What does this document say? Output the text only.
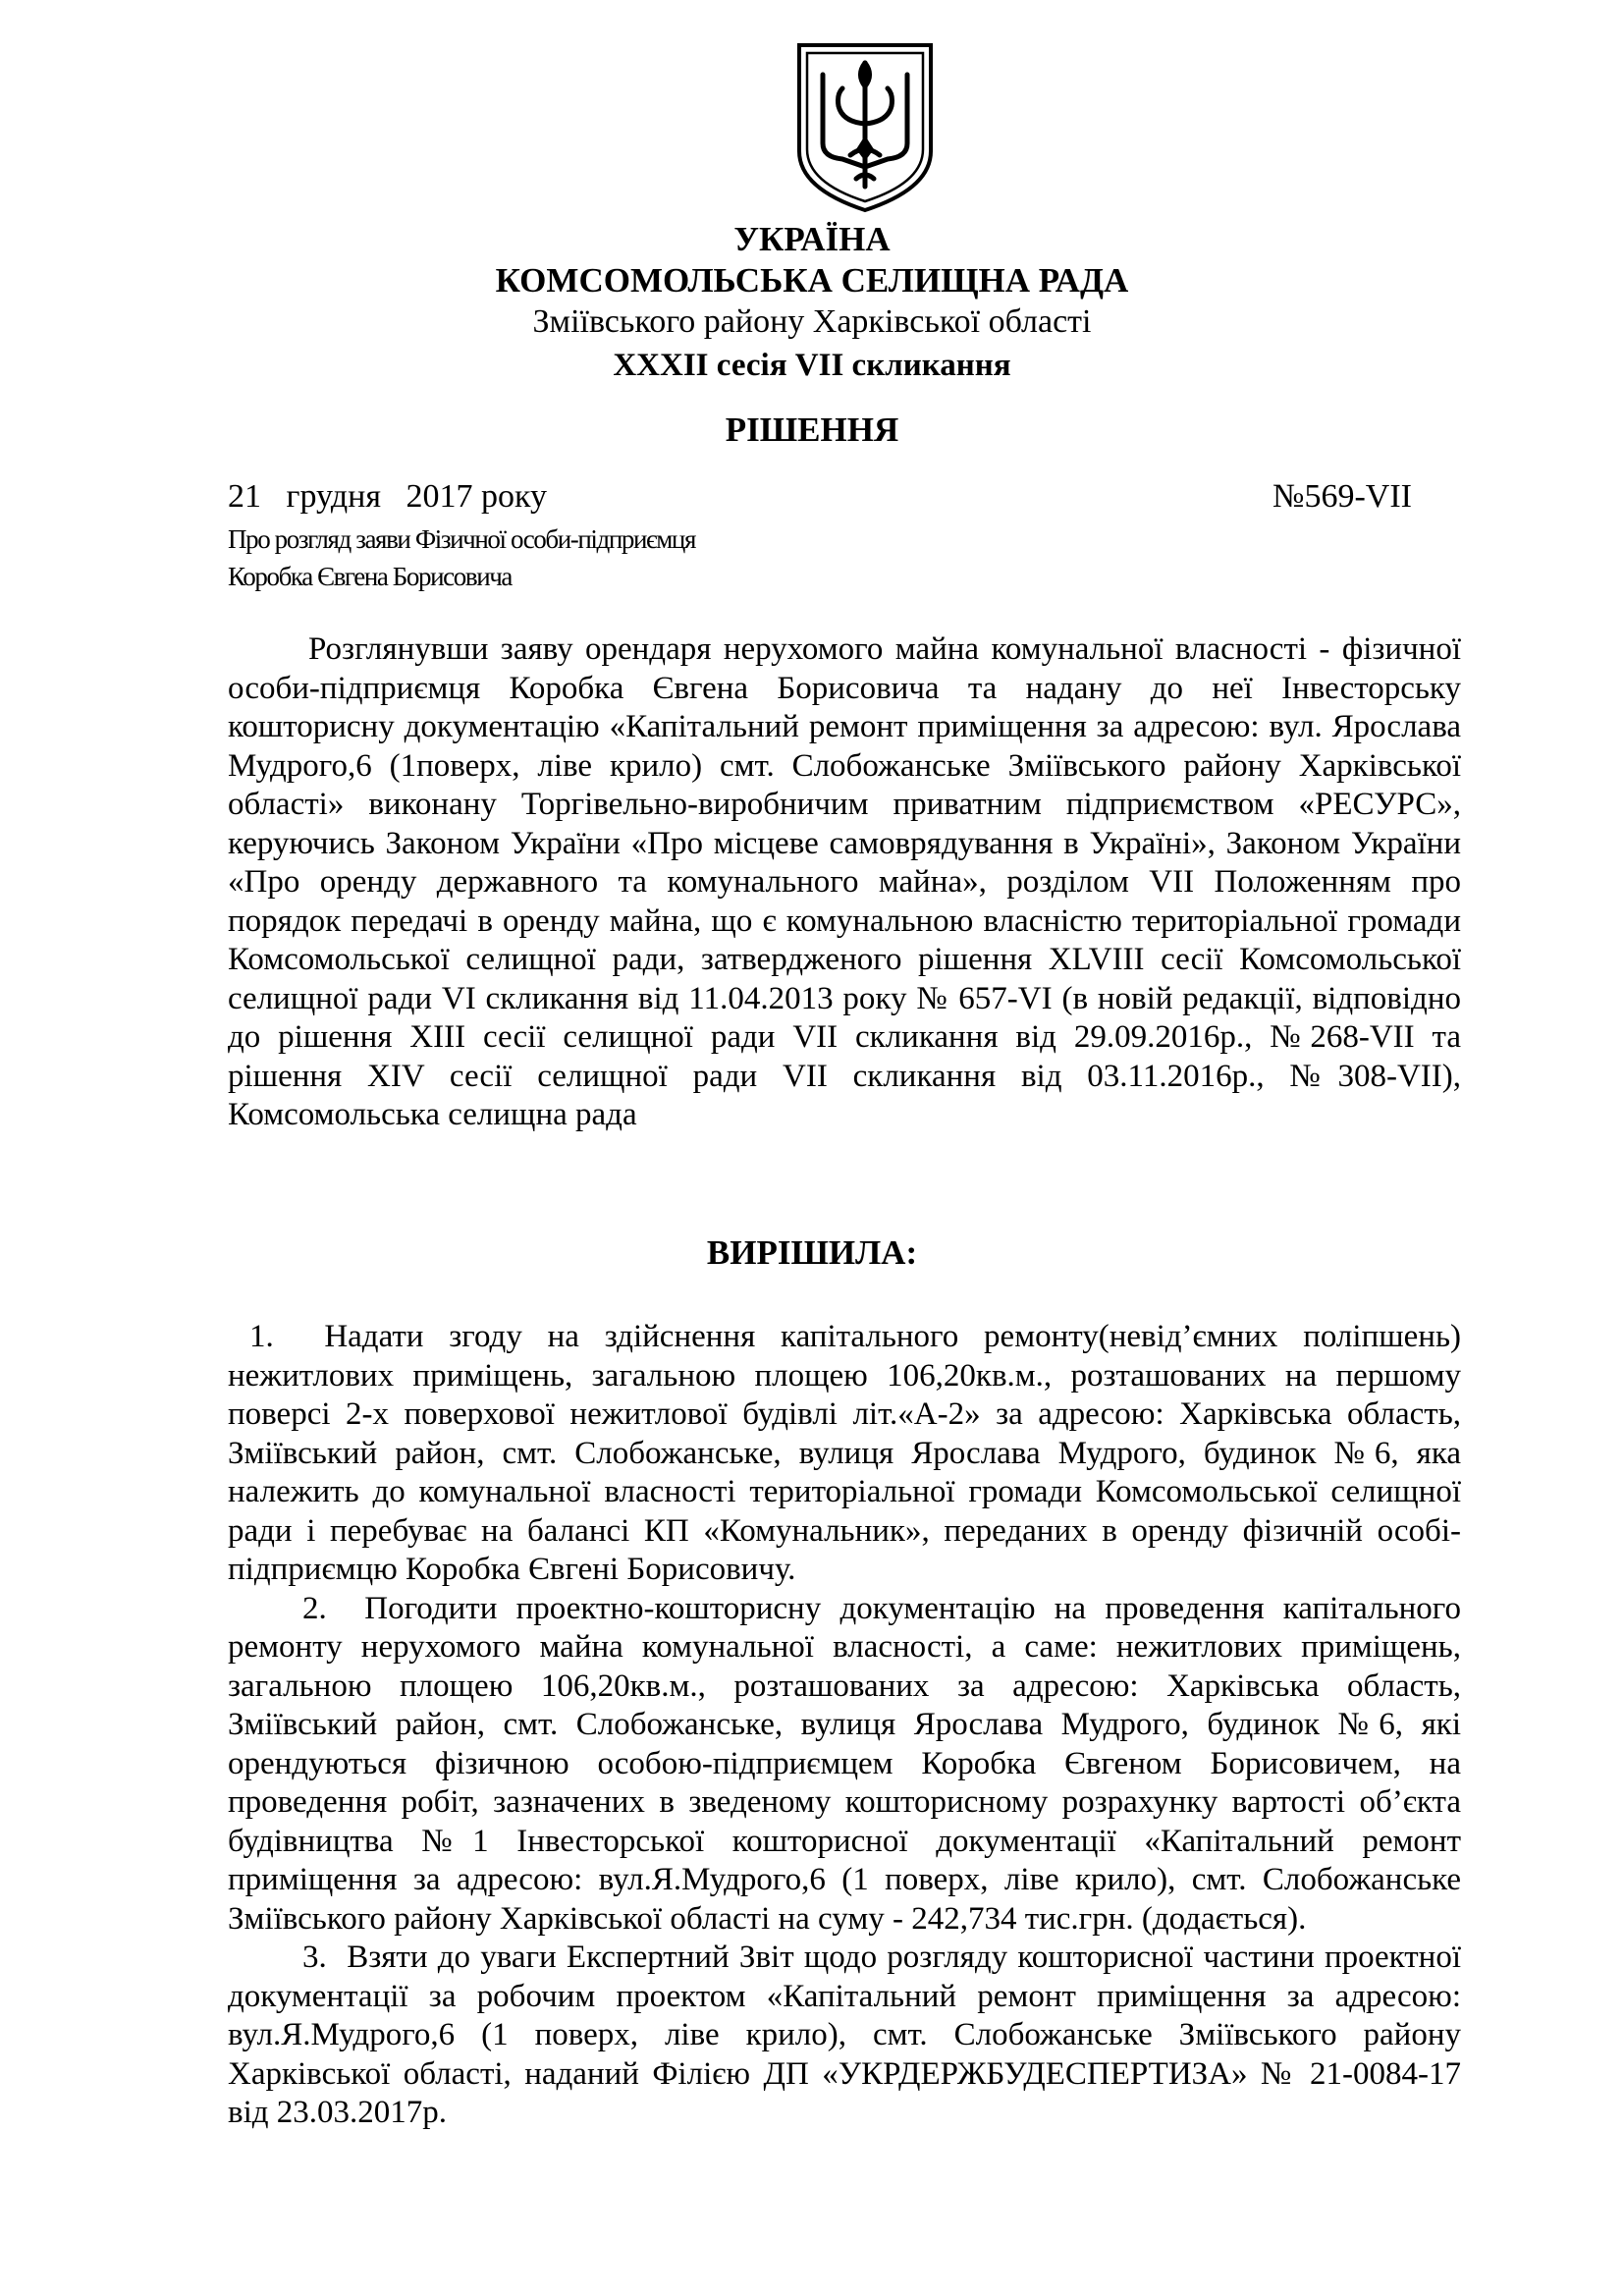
УКРАЇНА
КОМСОМОЛЬСЬКА СЕЛИЩНА РАДА
Зміївського району Харківської області
XXXII сесія VII скликання
РІШЕННЯ
21   грудня   2017 року	№569-VII
Про розгляд заяви Фізичної особи-підприємця
Коробка Євгена Борисовича

Розглянувши заяву орендаря нерухомого майна комунальної власності - фізичної особи-підприємця Коробка Євгена Борисовича та надану до неї Інвесторську кошторисну документацію «Капітальний ремонт приміщення за адресою: вул. Ярослава Мудрого,6 (1поверх, ліве крило) смт. Слобожанське Зміївського району Харківської області» виконану Торгівельно-виробничим приватним підприємством «РЕСУРС», керуючись Законом України «Про місцеве самоврядування в Україні», Законом України «Про оренду державного та комунального майна», розділом VII Положенням про порядок передачі в оренду майна, що є комунальною власністю територіальної громади Комсомольської селищної ради, затвердженого рішення XLVIII сесії Комсомольської селищної ради VI скликання від 11.04.2013 року № 657-VI (в новій редакції, відповідно до рішення XIII сесії селищної ради VII скликання від 29.09.2016р., №268-VII та рішення XIV сесії селищної ради VII скликання від 03.11.2016р., №308-VII), Комсомольська селищна рада

ВИРІШИЛА:

1. Надати згоду на здійснення капітального ремонту(невід’ємних поліпшень) нежитлових приміщень, загальною площею 106,20кв.м., розташованих на першому поверсі 2-х поверхової нежитлової будівлі літ.«А-2» за адресою: Харківська область, Зміївський район, смт. Слобожанське, вулиця Ярослава Мудрого, будинок №6, яка належить до комунальної власності територіальної громади Комсомольської селищної ради і перебуває на балансі КП «Комунальник», переданих в оренду фізичній особі-підприємцю Коробка Євгені Борисовичу.

2. Погодити проектно-кошторисну документацію на проведення капітального ремонту нерухомого майна комунальної власності, а саме: нежитлових приміщень, загальною площею 106,20кв.м., розташованих за адресою: Харківська область, Зміївський район, смт. Слобожанське, вулиця Ярослава Мудрого, будинок №6, які орендуються фізичною особою-підприємцем Коробка Євгеном Борисовичем, на проведення робіт, зазначених в зведеному кошторисному розрахунку вартості об’єкта будівництва №1 Інвесторської кошторисної документації «Капітальний ремонт приміщення за адресою: вул.Я.Мудрого,6 (1 поверх, ліве крило), смт. Слобожанське Зміївського району Харківської області на суму - 242,734 тис.грн. (додається).

3. Взяти до уваги Експертний Звіт щодо розгляду кошторисної частини проектної документації за робочим проектом «Капітальний ремонт приміщення за адресою: вул.Я.Мудрого,6 (1 поверх, ліве крило), смт. Слобожанське Зміївського району Харківської області, наданий Філією ДП «УКРДЕРЖБУДЕСПЕРТИЗА» № 21-0084-17 від 23.03.2017р.
